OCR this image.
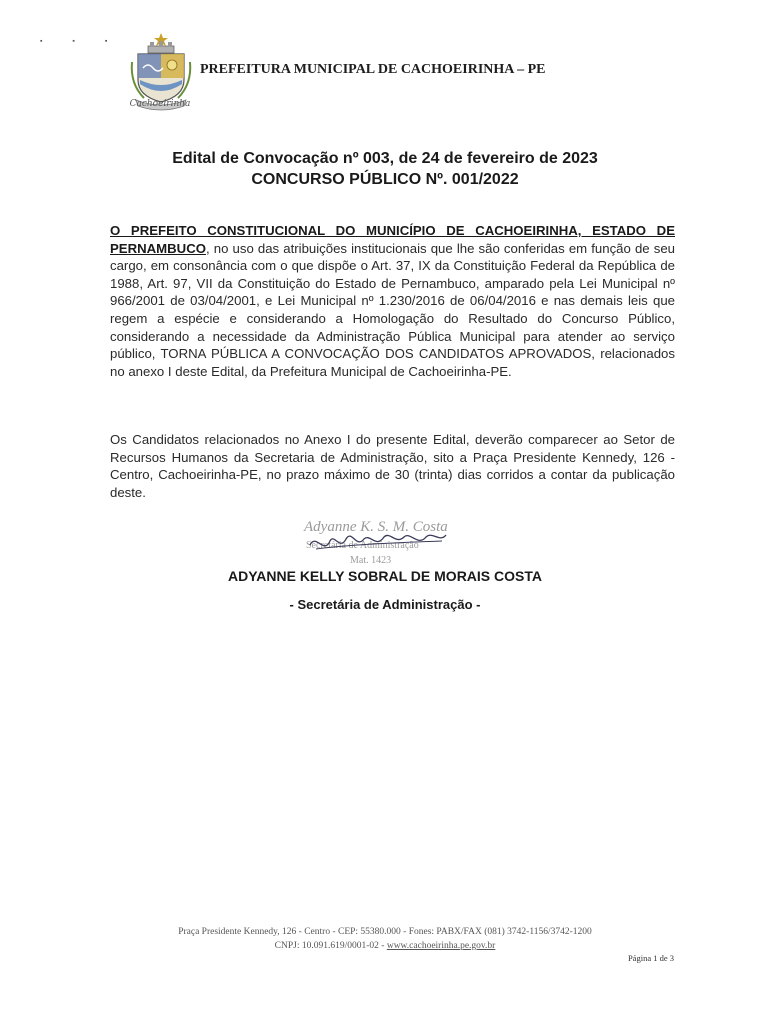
▪ ▪ ▪
Cachoeirinha
PREFEITURA MUNICIPAL DE CACHOEIRINHA – PE
Edital de Convocação nº 003, de 24 de fevereiro de 2023
CONCURSO PÚBLICO Nº. 001/2022
O PREFEITO CONSTITUCIONAL DO MUNICÍPIO DE CACHOEIRINHA, ESTADO DE PERNAMBUCO, no uso das atribuições institucionais que lhe são conferidas em função de seu cargo, em consonância com o que dispõe o Art. 37, IX da Constituição Federal da República de 1988, Art. 97, VII da Constituição do Estado de Pernambuco, amparado pela Lei Municipal nº 966/2001 de 03/04/2001, e Lei Municipal nº 1.230/2016 de 06/04/2016 e nas demais leis que regem a espécie e considerando a Homologação do Resultado do Concurso Público, considerando a necessidade da Administração Pública Municipal para atender ao serviço público, TORNA PÚBLICA A CONVOCAÇÃO DOS CANDIDATOS APROVADOS, relacionados no anexo I deste Edital, da Prefeitura Municipal de Cachoeirinha-PE.
Os Candidatos relacionados no Anexo I do presente Edital, deverão comparecer ao Setor de Recursos Humanos da Secretaria de Administração, sito a Praça Presidente Kennedy, 126 - Centro, Cachoeirinha-PE, no prazo máximo de 30 (trinta) dias corridos a contar da publicação deste.
Adyanne K. S. M. Costa
Secretária de Administração
Mat. 1423
ADYANNE KELLY SOBRAL DE MORAIS COSTA
- Secretária de Administração -
Praça Presidente Kennedy, 126 - Centro - CEP: 55380.000 - Fones: PABX/FAX (081) 3742-1156/3742-1200
CNPJ: 10.091.619/0001-02 - www.cachoeirinha.pe.gov.br
Página 1 de 3
